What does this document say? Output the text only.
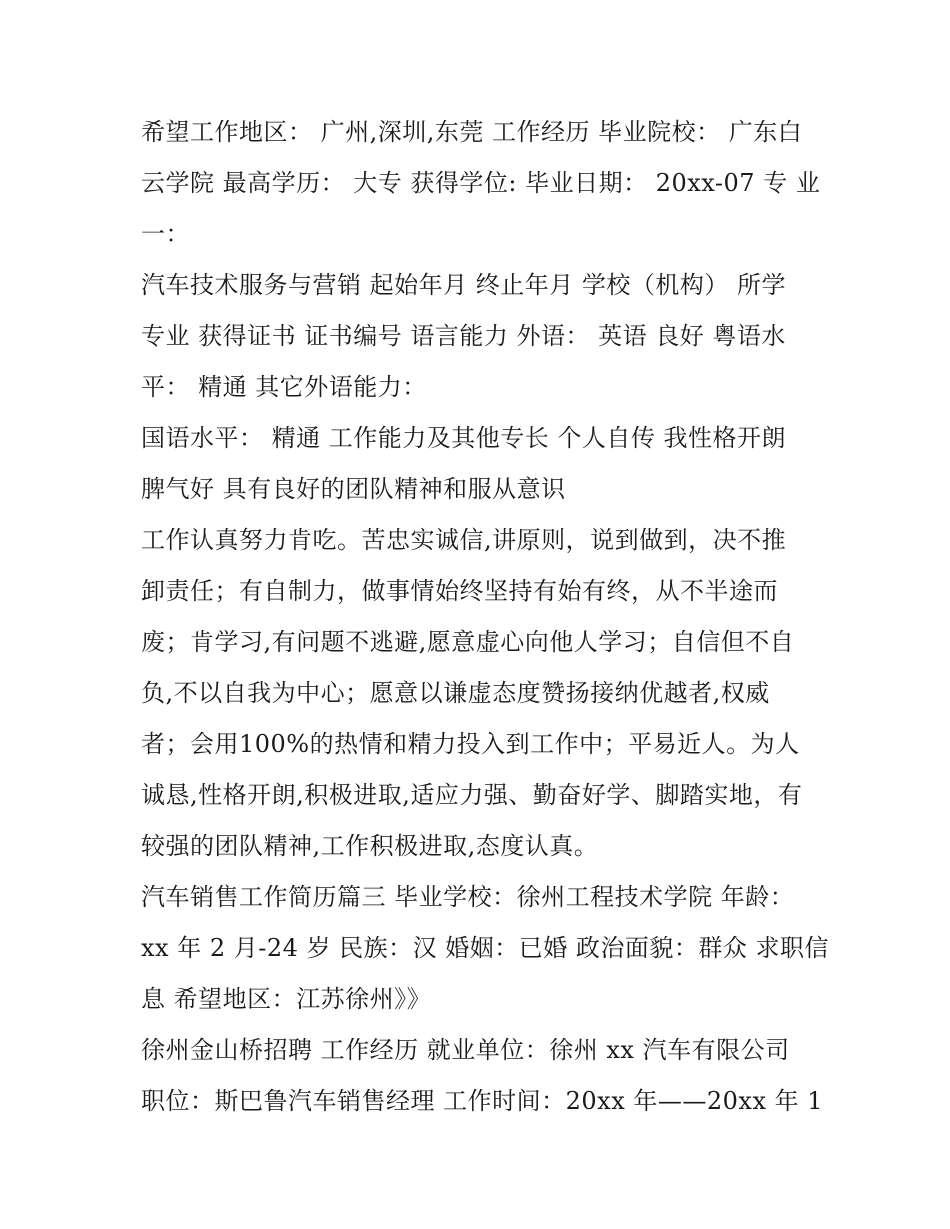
希望工作地区： 广州,深圳,东莞 工作经历 毕业院校： 广东白
云学院 最高学历： 大专 获得学位: 毕业日期： 20xx-07 专 业
一：
汽车技术服务与营销 起始年月 终止年月 学校（机构） 所学
专业 获得证书 证书编号 语言能力 外语： 英语 良好 粤语水
平： 精通 其它外语能力：
国语水平： 精通 工作能力及其他专长 个人自传 我性格开朗
脾气好 具有良好的团队精神和服从意识
工作认真努力肯吃。苦忠实诚信,讲原则，说到做到，决不推
卸责任；有自制力，做事情始终坚持有始有终，从不半途而
废；肯学习,有问题不逃避,愿意虚心向他人学习；自信但不自
负,不以自我为中心；愿意以谦虚态度赞扬接纳优越者,权威
者；会用100%的热情和精力投入到工作中；平易近人。为人
诚恳,性格开朗,积极进取,适应力强、勤奋好学、脚踏实地，有
较强的团队精神,工作积极进取,态度认真。
汽车销售工作简历篇三 毕业学校：徐州工程技术学院 年龄：
xx 年 2 月-24 岁 民族：汉 婚姻：已婚 政治面貌：群众 求职信
息 希望地区：江苏徐州》》
徐州金山桥招聘 工作经历 就业单位：徐州 xx 汽车有限公司
职位：斯巴鲁汽车销售经理 工作时间：20xx 年——20xx 年 1
